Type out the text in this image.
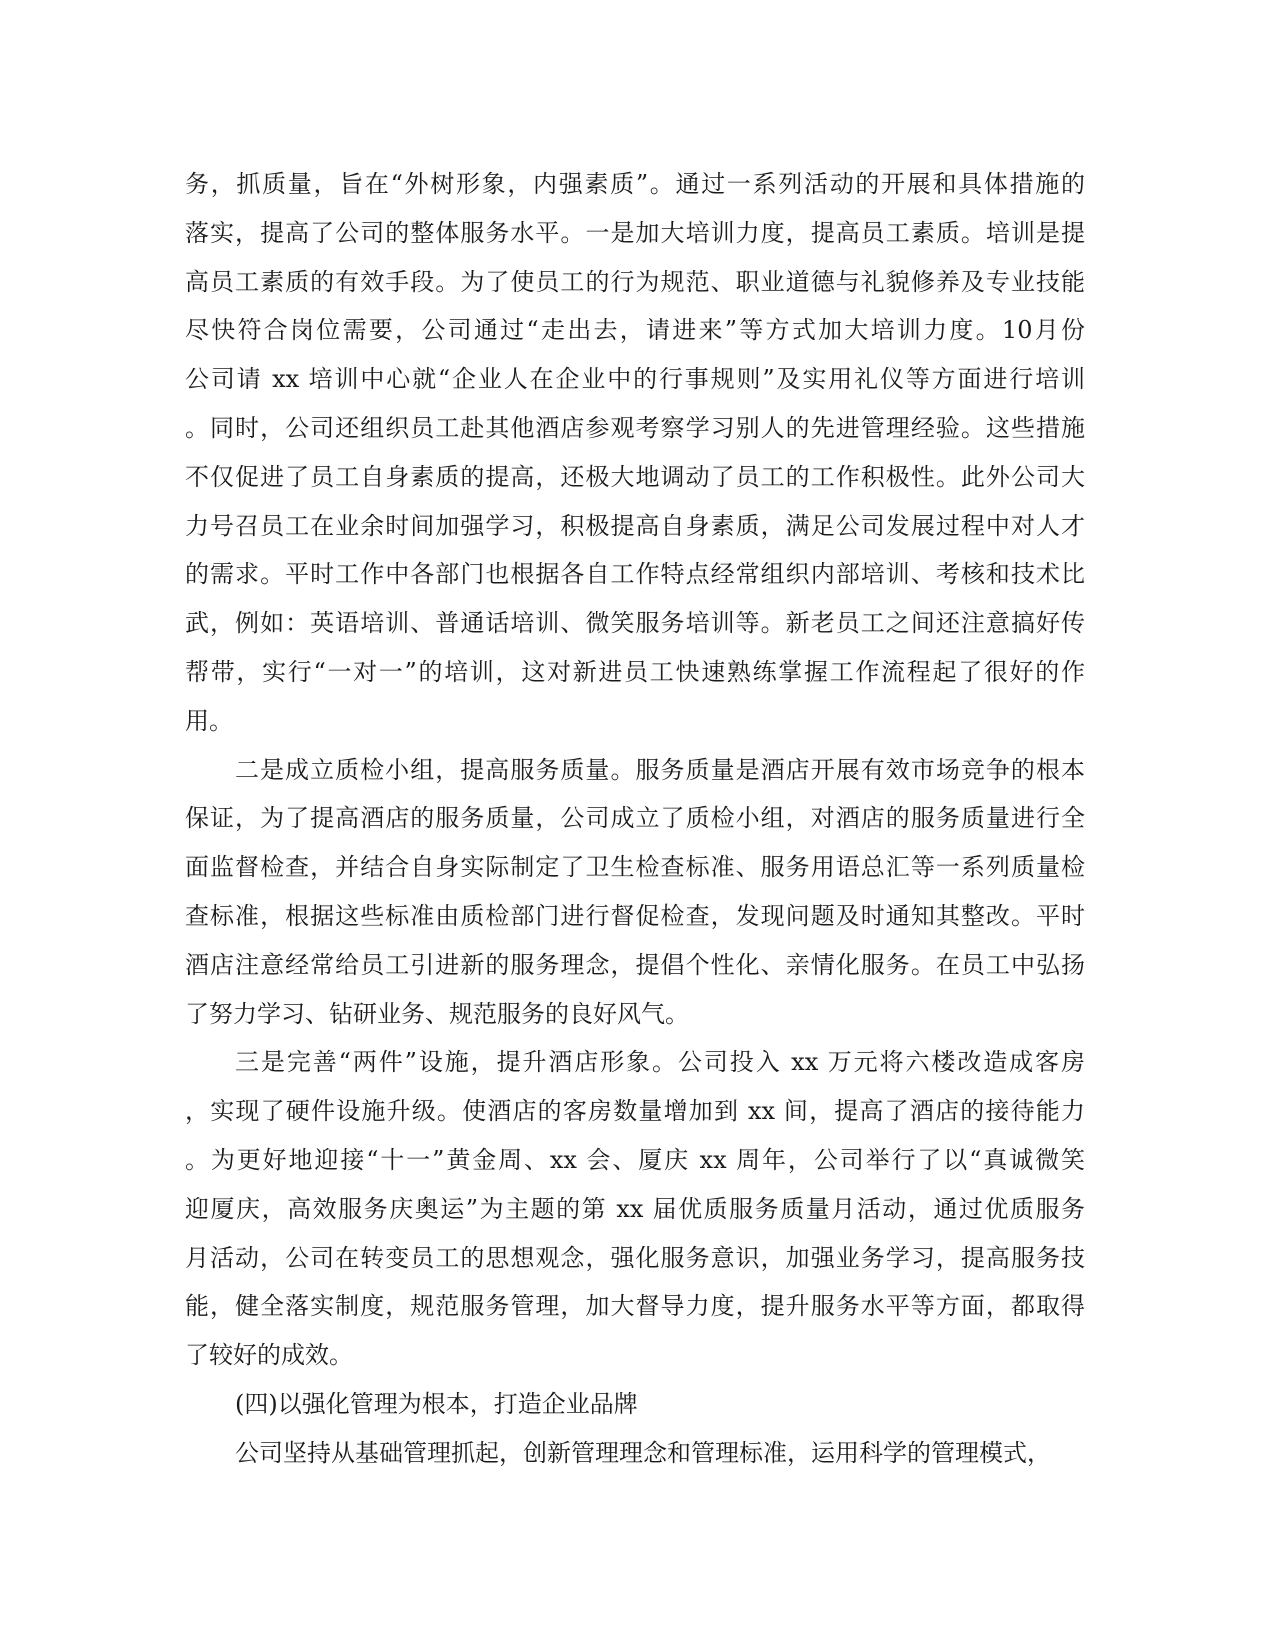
务，抓质量，旨在“外树形象，内强素质”。通过一系列活动的开展和具体措施的
落实，提高了公司的整体服务水平。一是加大培训力度，提高员工素质。培训是提
高员工素质的有效手段。为了使员工的行为规范、职业道德与礼貌修养及专业技能
尽快符合岗位需要，公司通过“走出去，请进来”等方式加大培训力度。10月份
公司请 xx 培训中心就“企业人在企业中的行事规则”及实用礼仪等方面进行培训
。同时，公司还组织员工赴其他酒店参观考察学习别人的先进管理经验。这些措施
不仅促进了员工自身素质的提高，还极大地调动了员工的工作积极性。此外公司大
力号召员工在业余时间加强学习，积极提高自身素质，满足公司发展过程中对人才
的需求。平时工作中各部门也根据各自工作特点经常组织内部培训、考核和技术比
武，例如：英语培训、普通话培训、微笑服务培训等。新老员工之间还注意搞好传
帮带，实行“一对一”的培训，这对新进员工快速熟练掌握工作流程起了很好的作
用。
二是成立质检小组，提高服务质量。服务质量是酒店开展有效市场竞争的根本
保证，为了提高酒店的服务质量，公司成立了质检小组，对酒店的服务质量进行全
面监督检查，并结合自身实际制定了卫生检查标准、服务用语总汇等一系列质量检
查标准，根据这些标准由质检部门进行督促检查，发现问题及时通知其整改。平时
酒店注意经常给员工引进新的服务理念，提倡个性化、亲情化服务。在员工中弘扬
了努力学习、钻研业务、规范服务的良好风气。
三是完善“两件”设施，提升酒店形象。公司投入 xx 万元将六楼改造成客房
，实现了硬件设施升级。使酒店的客房数量增加到 xx 间，提高了酒店的接待能力
。为更好地迎接“十一”黄金周、xx 会、厦庆 xx 周年，公司举行了以“真诚微笑
迎厦庆，高效服务庆奥运”为主题的第 xx 届优质服务质量月活动，通过优质服务
月活动，公司在转变员工的思想观念，强化服务意识，加强业务学习，提高服务技
能，健全落实制度，规范服务管理，加大督导力度，提升服务水平等方面，都取得
了较好的成效。
(四)以强化管理为根本，打造企业品牌
公司坚持从基础管理抓起，创新管理理念和管理标准，运用科学的管理模式，
